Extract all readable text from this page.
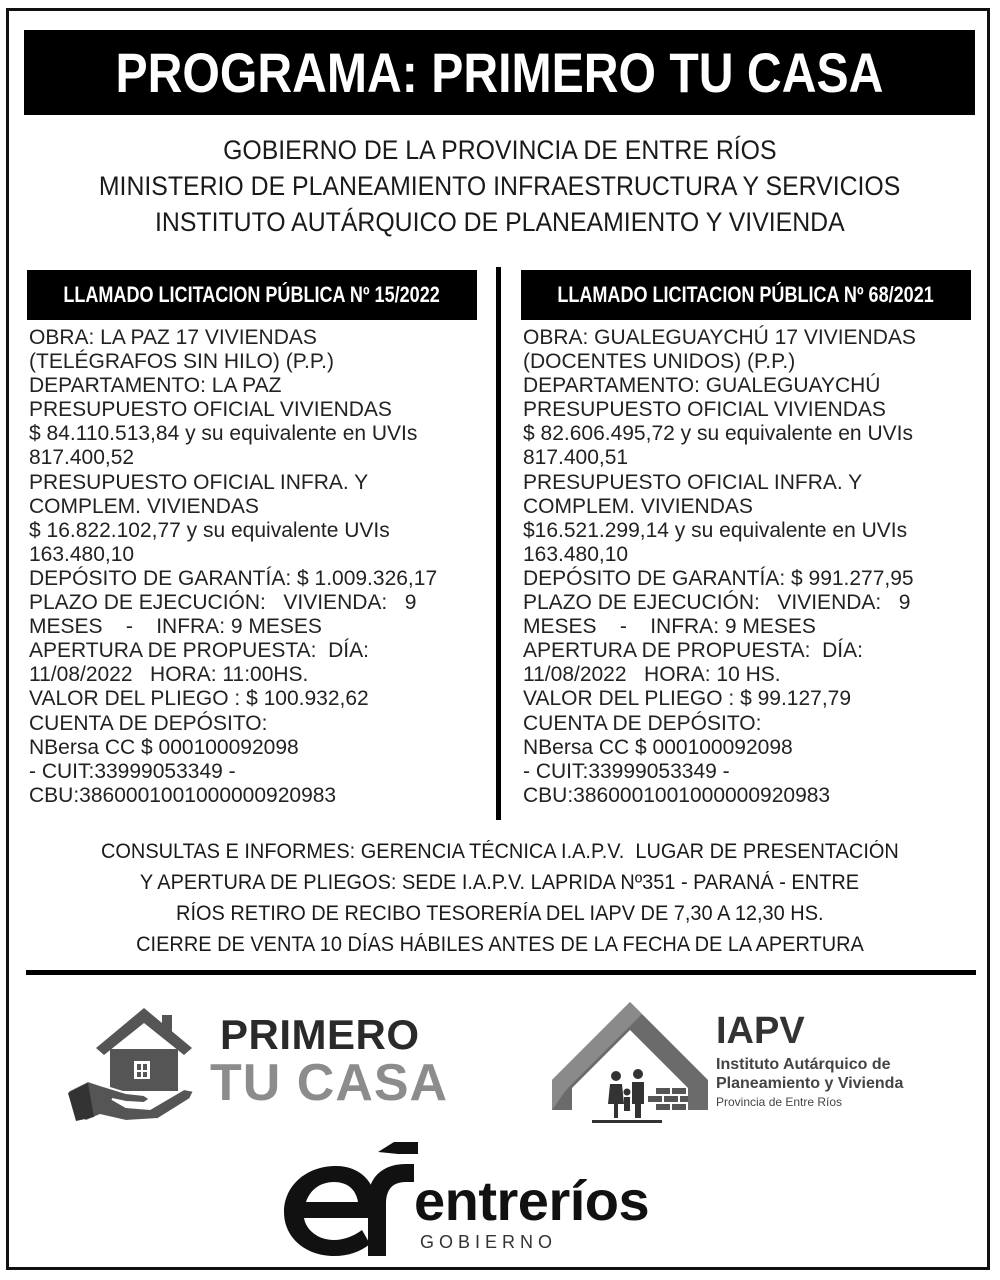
PROGRAMA: PRIMERO TU CASA
GOBIERNO DE LA PROVINCIA DE ENTRE RÍOS
MINISTERIO DE PLANEAMIENTO INFRAESTRUCTURA Y SERVICIOS
INSTITUTO AUTÁRQUICO DE PLANEAMIENTO Y VIVIENDA
LLAMADO LICITACION PÚBLICA Nº 15/2022
OBRA: LA PAZ 17 VIVIENDAS
(TELÉGRAFOS SIN HILO) (P.P.)
DEPARTAMENTO: LA PAZ
PRESUPUESTO OFICIAL VIVIENDAS
$ 84.110.513,84 y su equivalente en UVIs
817.400,52
PRESUPUESTO OFICIAL INFRA. Y
COMPLEM. VIVIENDAS
$ 16.822.102,77 y su equivalente UVIs
163.480,10
DEPÓSITO DE GARANTÍA: $ 1.009.326,17
PLAZO DE EJECUCIÓN:   VIVIENDA:   9
MESES    -    INFRA: 9 MESES
APERTURA DE PROPUESTA:  DÍA:
11/08/2022   HORA: 11:00HS.
VALOR DEL PLIEGO : $ 100.932,62
CUENTA DE DEPÓSITO:
NBersa CC $ 000100092098
- CUIT:33999053349 -
CBU:3860001001000000920983
LLAMADO LICITACION PÚBLICA Nº 68/2021
OBRA: GUALEGUAYCHÚ 17 VIVIENDAS
(DOCENTES UNIDOS) (P.P.)
DEPARTAMENTO: GUALEGUAYCHÚ
PRESUPUESTO OFICIAL VIVIENDAS
$ 82.606.495,72 y su equivalente en UVIs
817.400,51
PRESUPUESTO OFICIAL INFRA. Y
COMPLEM. VIVIENDAS
$16.521.299,14 y su equivalente en UVIs
163.480,10
DEPÓSITO DE GARANTÍA: $ 991.277,95
PLAZO DE EJECUCIÓN:   VIVIENDA:   9
MESES    -    INFRA: 9 MESES
APERTURA DE PROPUESTA:  DÍA:
11/08/2022   HORA: 10 HS.
VALOR DEL PLIEGO : $ 99.127,79
CUENTA DE DEPÓSITO:
NBersa CC $ 000100092098
- CUIT:33999053349 -
CBU:3860001001000000920983
CONSULTAS E INFORMES: GERENCIA TÉCNICA I.A.P.V.  LUGAR DE PRESENTACIÓN
Y APERTURA DE PLIEGOS: SEDE I.A.P.V. LAPRIDA Nº351 - PARANÁ - ENTRE
RÍOS RETIRO DE RECIBO TESORERÍA DEL IAPV DE 7,30 A 12,30 HS.
CIERRE DE VENTA 10 DÍAS HÁBILES ANTES DE LA FECHA DE LA APERTURA
PRIMERO
TU CASA
IAPV
Instituto Autárquico de
Planeamiento y Vivienda
Provincia de Entre Ríos
entreríos
GOBIERNO
